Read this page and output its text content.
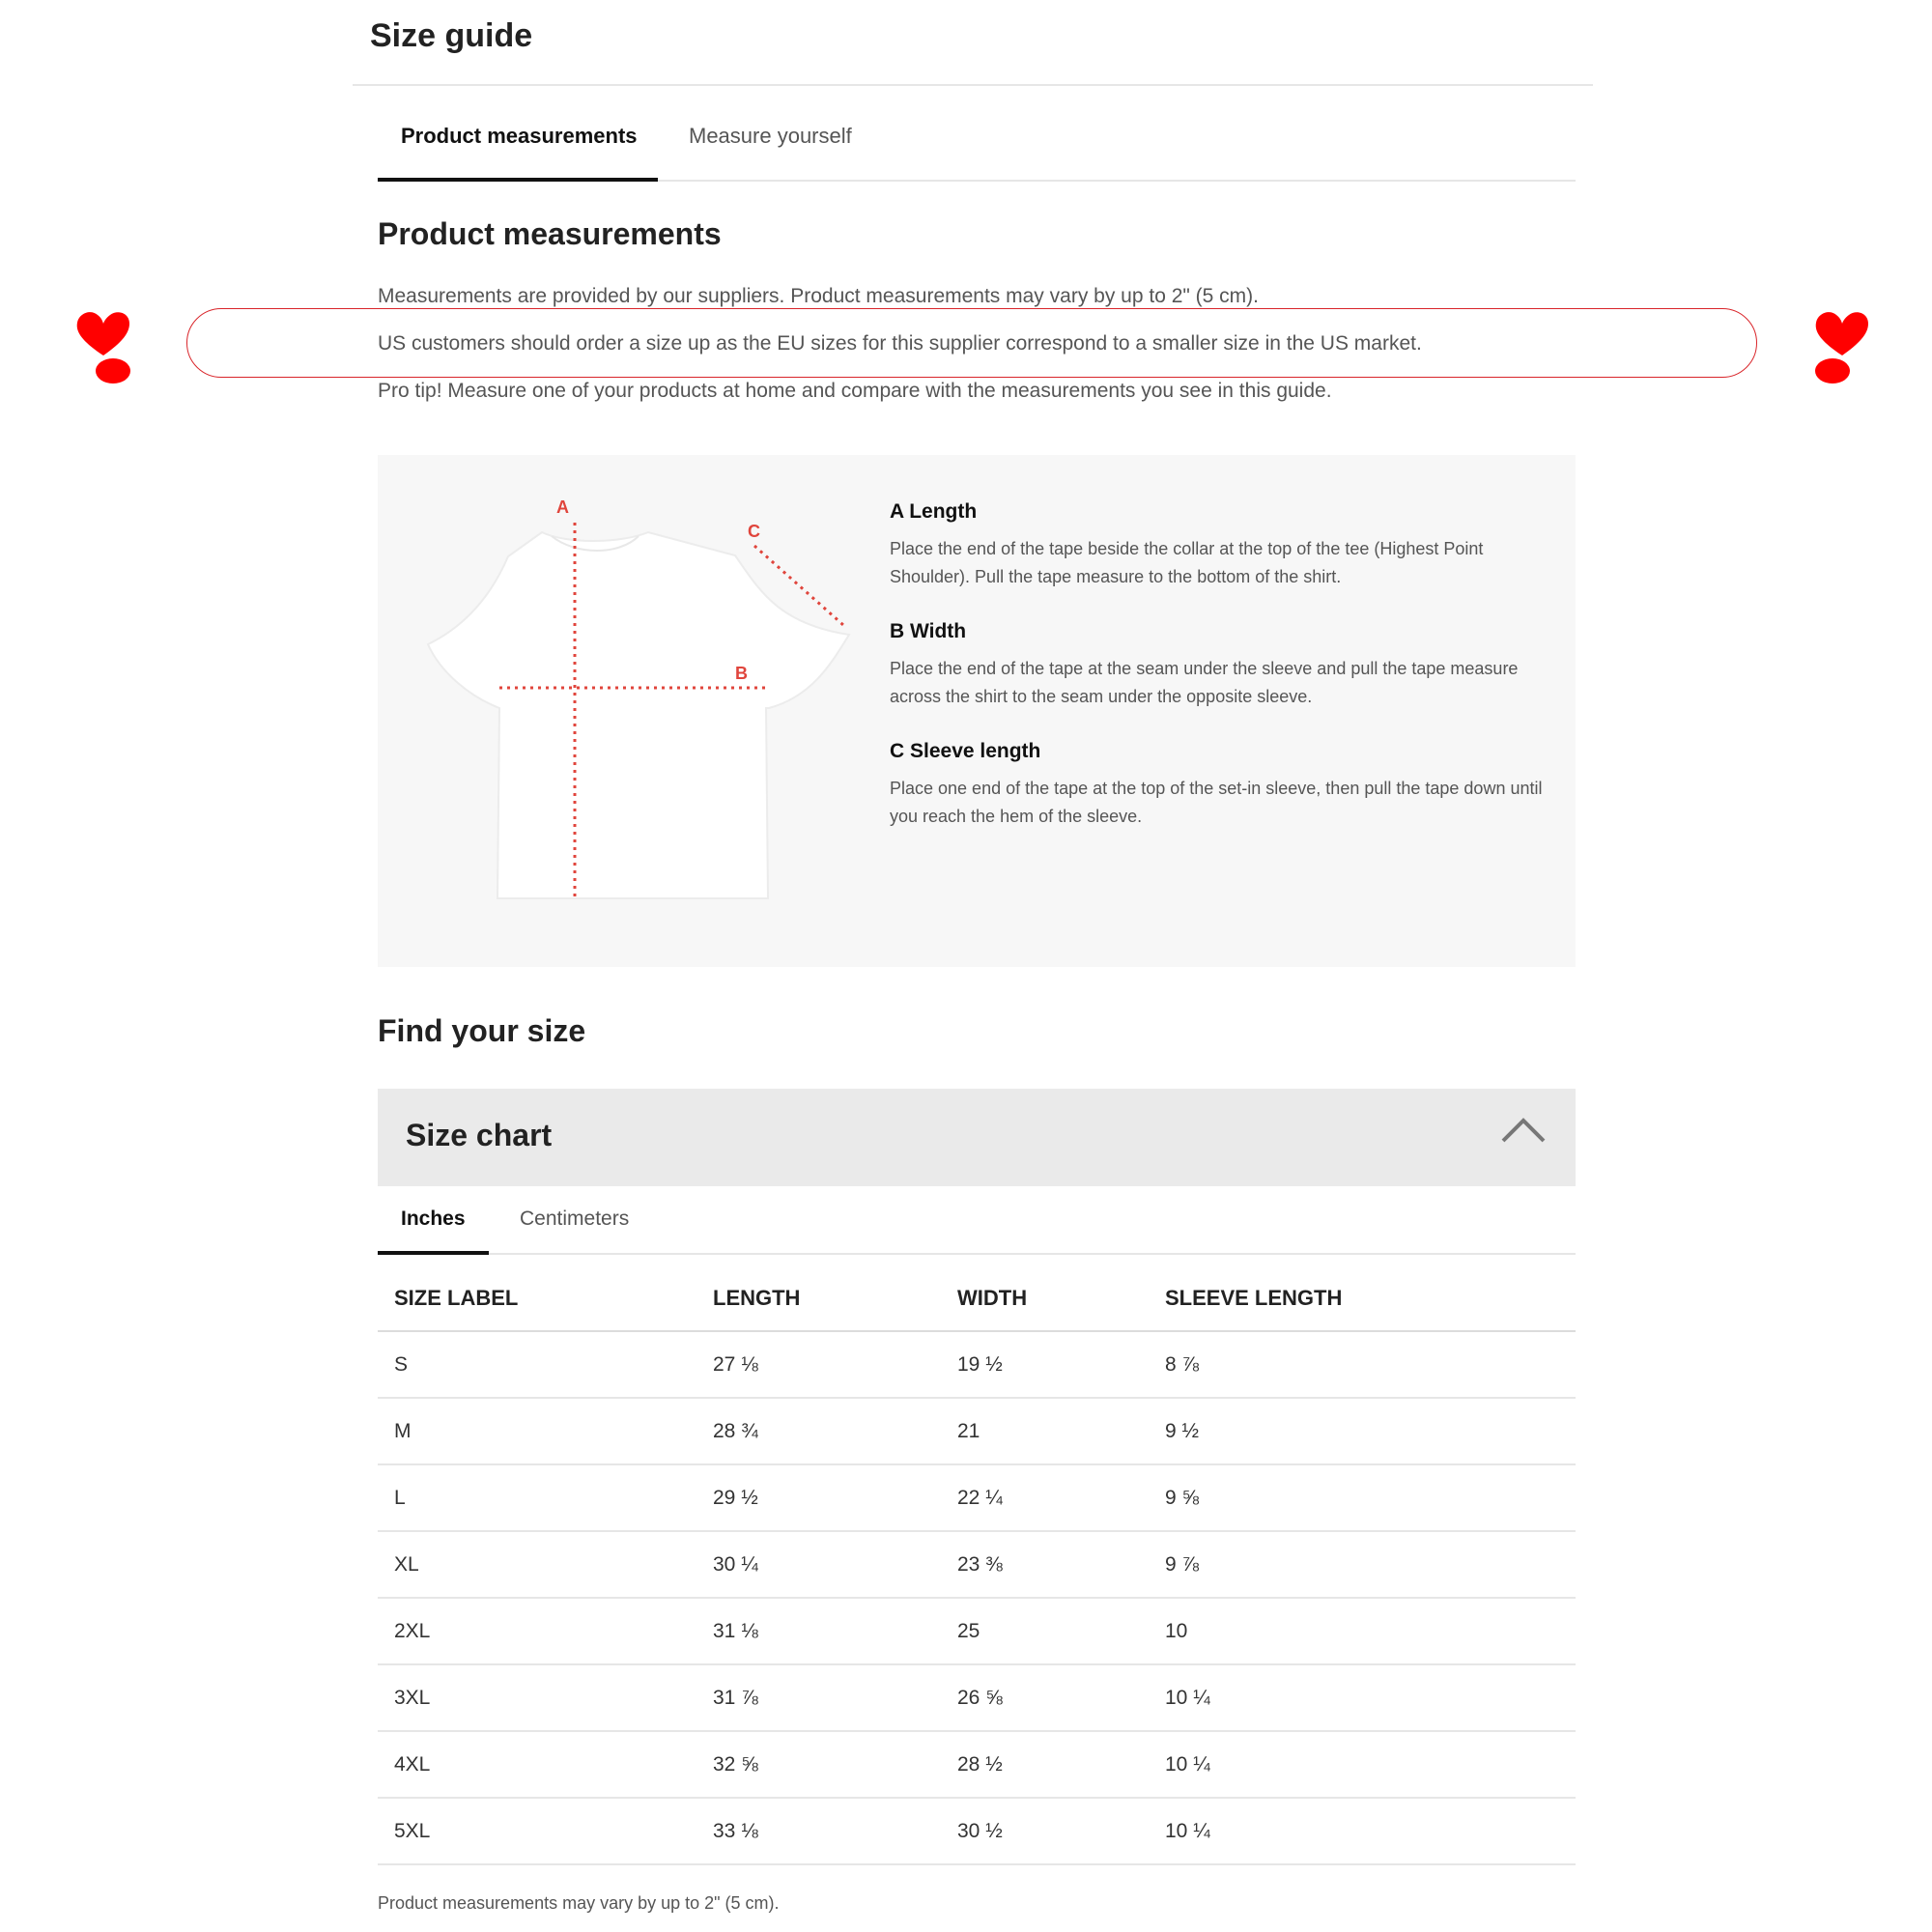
Size guide
Product measurements Measure yourself
Product measurements

Measurements are provided by our suppliers. Product measurements may vary by up to 2" (5 cm).

US customers should order a size up as the EU sizes for this supplier correspond to a smaller size in the US market.

Pro tip! Measure one of your products at home and compare with the measurements you see in this guide.

A
B
C
A Length

Place the end of the tape beside the collar at the top of the tee (Highest Point Shoulder). Pull the tape measure to the bottom of the shirt.

B Width

Place the end of the tape at the seam under the sleeve and pull the tape measure across the shirt to the seam under the opposite sleeve.

C Sleeve length

Place one end of the tape at the top of the set-in sleeve, then pull the tape down until you reach the hem of the sleeve.

Find your size
Size chart
Inches	Centimeters
SIZE LABEL	LENGTH	WIDTH	SLEEVE LENGTH
S	27 ⅛	19 ½	8 ⅞
M	28 ¾	21	9 ½
L	29 ½	22 ¼	9 ⅝
XL	30 ¼	23 ⅜	9 ⅞
2XL	31 ⅛	25	10
3XL	31 ⅞	26 ⅝	10 ¼
4XL	32 ⅝	28 ½	10 ¼
5XL	33 ⅛	30 ½	10 ¼

Product measurements may vary by up to 2" (5 cm).
